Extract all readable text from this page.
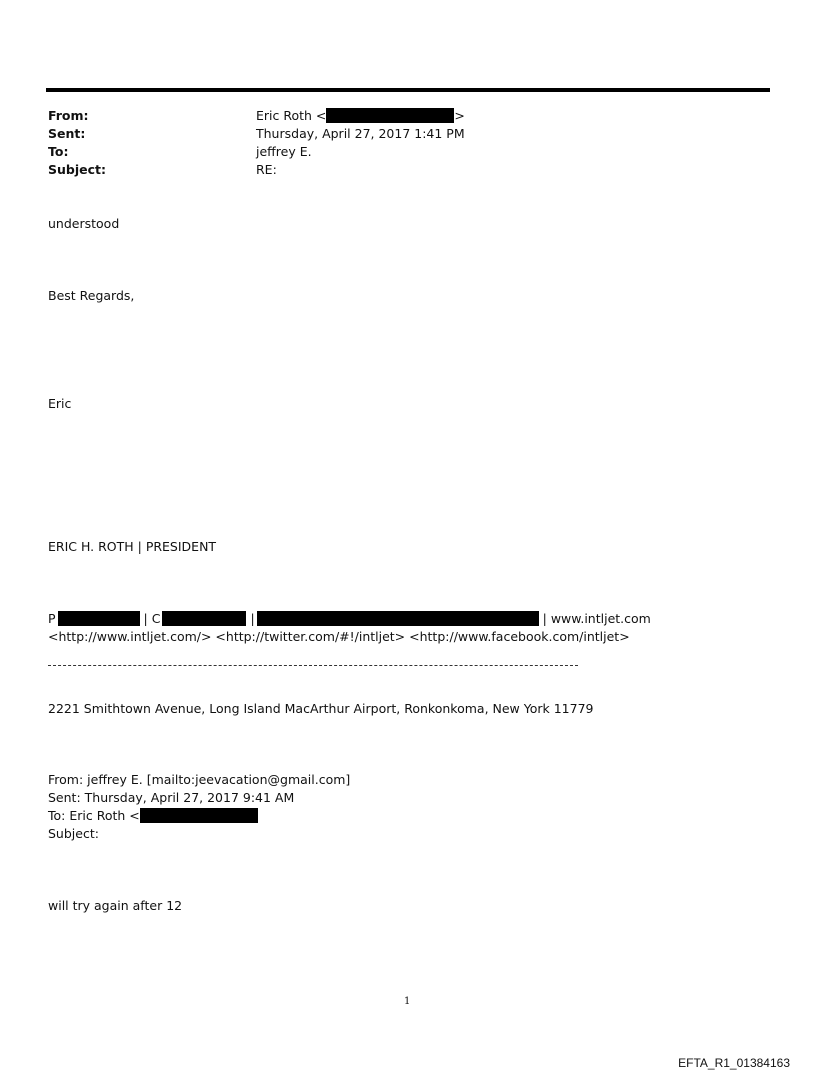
From:	Eric Roth <	>
Sent:	Thursday, April 27, 2017 1:41 PM
To:	jeffrey E.
Subject:	RE:
understood
Best Regards,
Eric
ERIC H. ROTH | PRESIDENT
P	| C	|	| www.intljet.com
<http://www.intljet.com/> <http://twitter.com/#!/intljet> <http://www.facebook.com/intljet>
2221 Smithtown Avenue, Long Island MacArthur Airport, Ronkonkoma, New York 11779
From: jeffrey E. [mailto:jeevacation@gmail.com]
Sent: Thursday, April 27, 2017 9:41 AM
To: Eric Roth <
Subject:
will try again after 12
1
EFTA_R1_01384163
